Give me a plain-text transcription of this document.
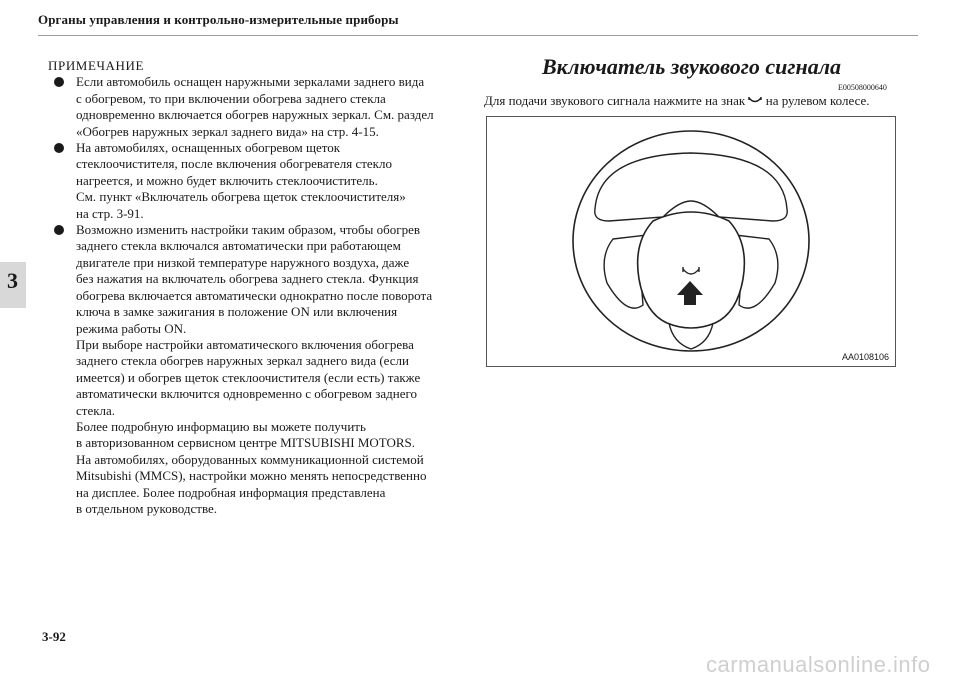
Органы управления и контрольно-измерительные приборы
3
ПРИМЕЧАНИЕ
Если автомобиль оснащен наружными зеркалами заднего вида
с обогревом, то при включении обогрева заднего стекла
одновременно включается обогрев наружных зеркал. См. раздел
«Обогрев наружных зеркал заднего вида» на стр. 4-15.
На автомобилях, оснащенных обогревом щеток
стеклоочистителя, после включения обогревателя стекло
нагреется, и можно будет включить стеклоочиститель.
См. пункт «Включатель обогрева щеток стеклоочистителя»
на стр. 3-91.
Возможно изменить настройки таким образом, чтобы обогрев
заднего стекла включался автоматически при работающем
двигателе при низкой температуре наружного воздуха, даже
без нажатия на включатель обогрева заднего стекла. Функция
обогрева включается автоматически однократно после поворота
ключа в замке зажигания в положение ON или включения
режима работы ON.
При выборе настройки автоматического включения обогрева
заднего стекла обогрев наружных зеркал заднего вида (если
имеется) и обогрев щеток стеклоочистителя (если есть) также
автоматически включится одновременно с обогревом заднего
стекла.
Более подробную информацию вы можете получить
в авторизованном сервисном центре MITSUBISHI MOTORS.
На автомобилях, оборудованных коммуникационной системой
Mitsubishi (MMCS), настройки можно менять непосредственно
на дисплее. Более подробная информация представлена
в отдельном руководстве.
Включатель звукового сигнала
E00508000640
Для подачи звукового сигнала нажмите на знак на рулевом колесе.
AA0108106
3-92
carmanualsonline.info
